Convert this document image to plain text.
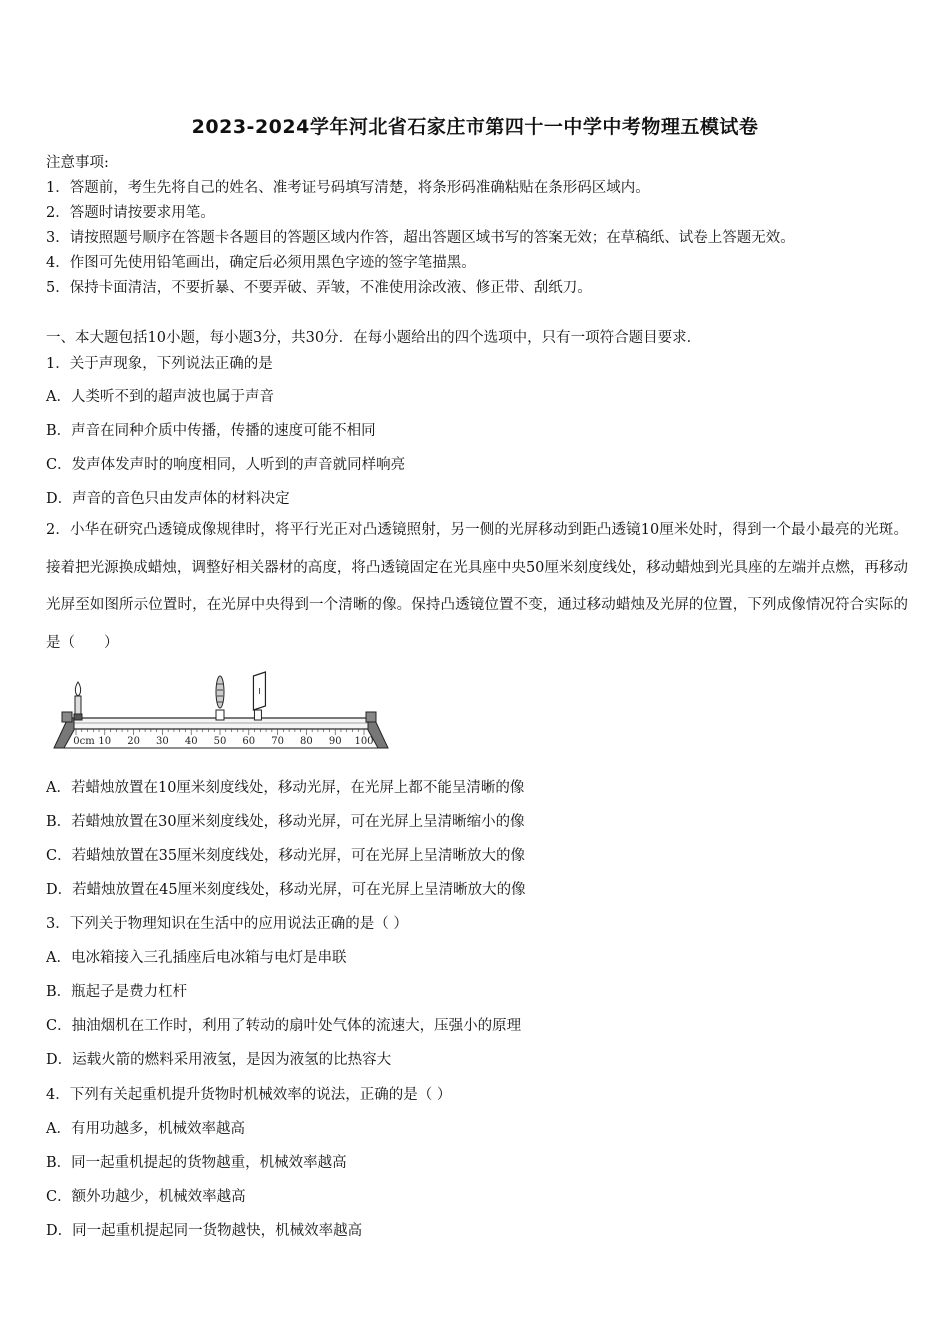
2023-2024学年河北省石家庄市第四十一中学中考物理五模试卷
注意事项:
1．答题前，考生先将自己的姓名、准考证号码填写清楚，将条形码准确粘贴在条形码区域内。
2．答题时请按要求用笔。
3．请按照题号顺序在答题卡各题目的答题区域内作答，超出答题区域书写的答案无效；在草稿纸、试卷上答题无效。
4．作图可先使用铅笔画出，确定后必须用黑色字迹的签字笔描黑。
5．保持卡面清洁，不要折暴、不要弄破、弄皱，不准使用涂改液、修正带、刮纸刀。
一、本大题包括10小题，每小题3分，共30分．在每小题给出的四个选项中，只有一项符合题目要求．
1．关于声现象，下列说法正确的是
A．人类听不到的超声波也属于声音
B．声音在同种介质中传播，传播的速度可能不相同
C．发声体发声时的响度相同，人听到的声音就同样响亮
D．声音的音色只由发声体的材料决定
2．小华在研究凸透镜成像规律时，将平行光正对凸透镜照射，另一侧的光屏移动到距凸透镜10厘米处时，得到一个最小最亮的光斑。接着把光源换成蜡烛，调整好相关器材的高度，将凸透镜固定在光具座中央50厘米刻度线处，移动蜡烛到光具座的左端并点燃，再移动光屏至如图所示位置时，在光屏中央得到一个清晰的像。保持凸透镜位置不变，通过移动蜡烛及光屏的位置，下列成像情况符合实际的是（　　）
0cm 10 20 30 40 50 60 70 80 90 100
A．若蜡烛放置在10厘米刻度线处，移动光屏，在光屏上都不能呈清晰的像
B．若蜡烛放置在30厘米刻度线处，移动光屏，可在光屏上呈清晰缩小的像
C．若蜡烛放置在35厘米刻度线处，移动光屏，可在光屏上呈清晰放大的像
D．若蜡烛放置在45厘米刻度线处，移动光屏，可在光屏上呈清晰放大的像
3．下列关于物理知识在生活中的应用说法正确的是（ ）
A．电冰箱接入三孔插座后电冰箱与电灯是串联
B．瓶起子是费力杠杆
C．抽油烟机在工作时，利用了转动的扇叶处气体的流速大，压强小的原理
D．运载火箭的燃料采用液氢，是因为液氢的比热容大
4．下列有关起重机提升货物时机械效率的说法，正确的是（ ）
A．有用功越多，机械效率越高
B．同一起重机提起的货物越重，机械效率越高
C．额外功越少，机械效率越高
D．同一起重机提起同一货物越快，机械效率越高
